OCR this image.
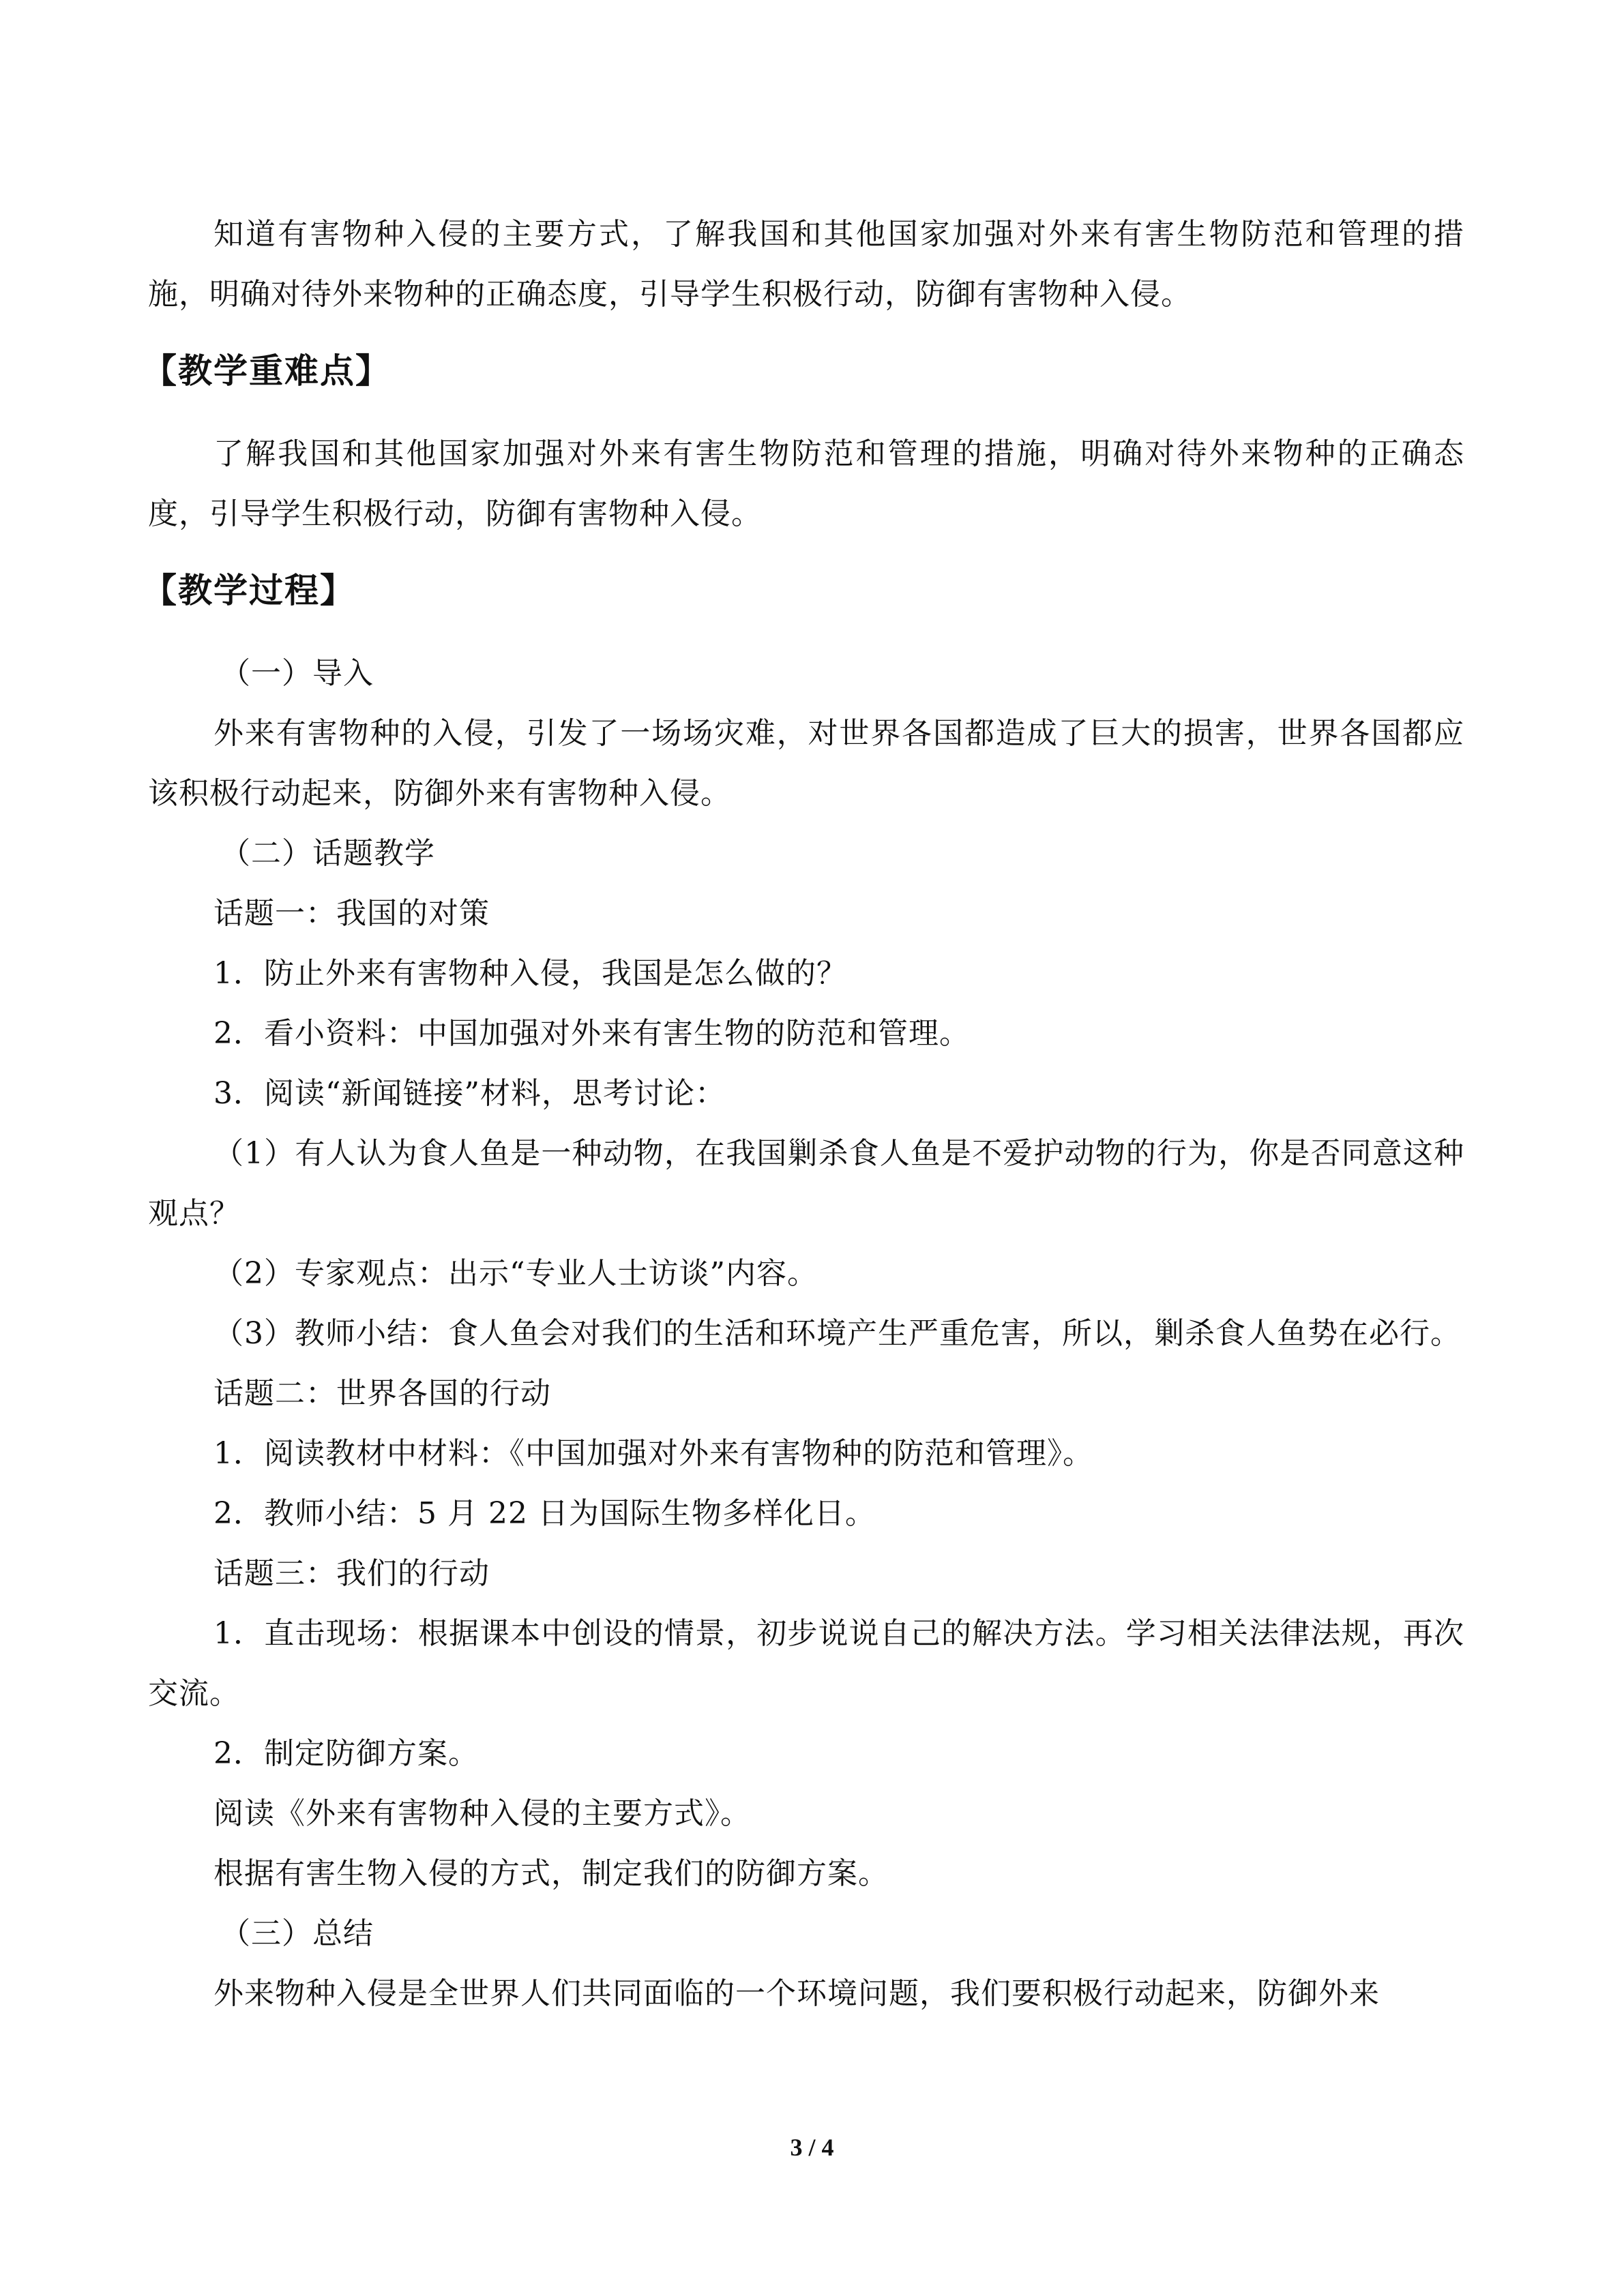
知道有害物种入侵的主要方式，了解我国和其他国家加强对外来有害生物防范和管理的措施，明确对待外来物种的正确态度，引导学生积极行动，防御有害物种入侵。

【教学重难点】

了解我国和其他国家加强对外来有害生物防范和管理的措施，明确对待外来物种的正确态度，引导学生积极行动，防御有害物种入侵。

【教学过程】

（一）导入

外来有害物种的入侵，引发了一场场灾难，对世界各国都造成了巨大的损害，世界各国都应该积极行动起来，防御外来有害物种入侵。

（二）话题教学

话题一：我国的对策

1．防止外来有害物种入侵，我国是怎么做的？

2．看小资料：中国加强对外来有害生物的防范和管理。

3．阅读“新闻链接”材料，思考讨论：

（1）有人认为食人鱼是一种动物，在我国剿杀食人鱼是不爱护动物的行为，你是否同意这种观点？

（2）专家观点：出示“专业人士访谈”内容。

（3）教师小结：食人鱼会对我们的生活和环境产生严重危害，所以，剿杀食人鱼势在必行。

话题二：世界各国的行动

1．阅读教材中材料：《中国加强对外来有害物种的防范和管理》。

2．教师小结：5 月 22 日为国际生物多样化日。

话题三：我们的行动

1．直击现场：根据课本中创设的情景，初步说说自己的解决方法。学习相关法律法规，再次交流。

2．制定防御方案。

阅读《外来有害物种入侵的主要方式》。

根据有害生物入侵的方式，制定我们的防御方案。

（三）总结

外来物种入侵是全世界人们共同面临的一个环境问题，我们要积极行动起来，防御外来

3 / 4
